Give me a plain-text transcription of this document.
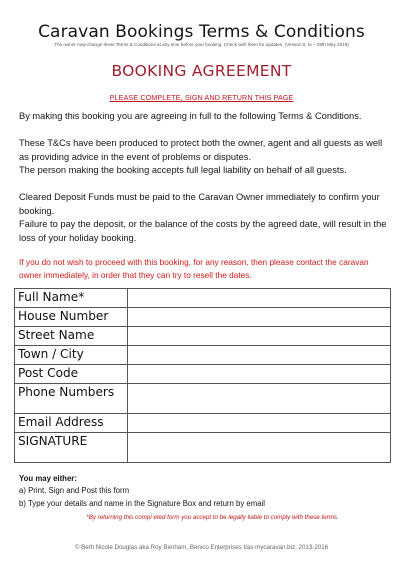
Caravan Bookings Terms & Conditions
The owner may change these Terms & Conditions at any time before your booking. Check with them for updates. (Version 5, to – 29th May 2016)
BOOKING AGREEMENT
PLEASE COMPLETE, SIGN AND RETURN THIS PAGE
By making this booking you are agreeing in full to the following Terms & Conditions.
These T&Cs have been produced to protect both the owner, agent and all guests as well as providing advice in the event of problems or disputes.
The person making the booking accepts full legal liability on behalf of all guests.
Cleared Deposit Funds must be paid to the Caravan Owner immediately to confirm your booking.
Failure to pay the deposit, or the balance of the costs by the agreed date, will result in the loss of your holiday booking.
If you do not wish to proceed with this booking, for any reason, then please contact the caravan owner immediately, in order that they can try to resell the dates.
Full Name*	
House Number	
Street Name	
Town / City	
Post Code	
Phone Numbers	
Email Address	
SIGNATURE	
You may either:
a) Print, Sign and Post this form
b) Type your details and name in the Signature Box and return by email
*By returning this compl eted form you accept to be legally liable to comply with these terms.
© Beth Nicole Douglas aka Roy Benham, Benico Enterprises t/as mycaravan.biz, 2013-2016
